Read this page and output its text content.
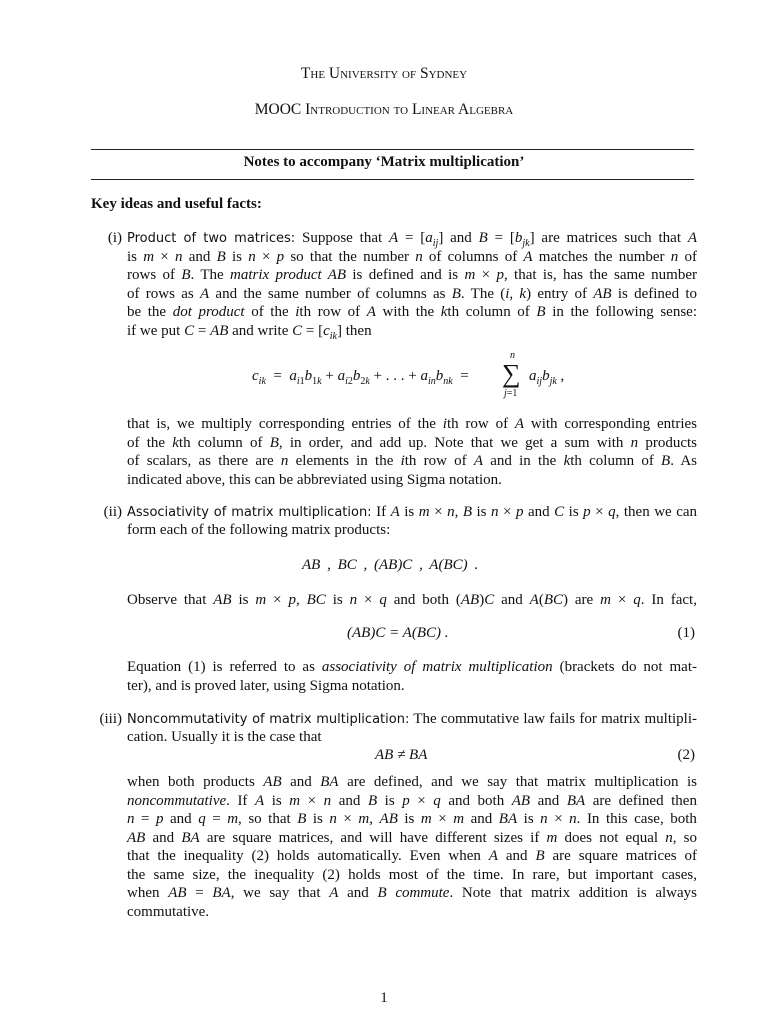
The University of Sydney
MOOC Introduction to Linear Algebra
Notes to accompany ‘Matrix multiplication’
Key ideas and useful facts:
(i) Product of two matrices: Suppose that $A = [a_{ij}]$ and $B = [b_{jk}]$ are matrices such that A
is m × n and B is n × p so that the number n of columns of A matches the number n of
rows of B. The matrix product AB is defined and is m × p, that is, has the same number
of rows as A and the same number of columns as B. The (i, k) entry of AB is defined to
be the dot product of the ith row of A with the kth column of B in the following sense:
if we put C = AB and write $C = [c_{ik}]$ then
$c_{ik} = a_{i1}b_{1k} + a_{i2}b_{2k}$ + . . . + $a_{in}b_{nk}$  =
n
∑
j=1
$a_{ij}b_{jk}$ ,
that is, we multiply corresponding entries of the ith row of A with corresponding entries
of the kth column of B, in order, and add up. Note that we get a sum with n products
of scalars, as there are n elements in the ith row of A and in the kth column of B. As
indicated above, this can be abbreviated using Sigma notation.
(ii) Associativity of matrix multiplication: If A is m × n, B is n × p and C is p × q, then we can
form each of the following matrix products:
AB , BC , (AB)C , A(BC) .
Observe that AB is m × p, BC is n × q and both (AB)C and A(BC) are m × q. In fact,
(AB)C = A(BC) .	(1)
Equation (1) is referred to as associativity of matrix multiplication (brackets do not mat-
ter), and is proved later, using Sigma notation.
(iii) Noncommutativity of matrix multiplication: The commutative law fails for matrix multipli-
cation. Usually it is the case that
AB ≠ BA	(2)
when both products AB and BA are defined, and we say that matrix multiplication is
noncommutative. If A is m × n and B is p × q and both AB and BA are defined then
n = p and q = m, so that B is n × m, AB is m × m and BA is n × n. In this case, both
AB and BA are square matrices, and will have different sizes if m does not equal n, so
that the inequality (2) holds automatically. Even when A and B are square matrices of
the same size, the inequality (2) holds most of the time. In rare, but important cases,
when AB = BA, we say that A and B commute. Note that matrix addition is always
commutative.
1
